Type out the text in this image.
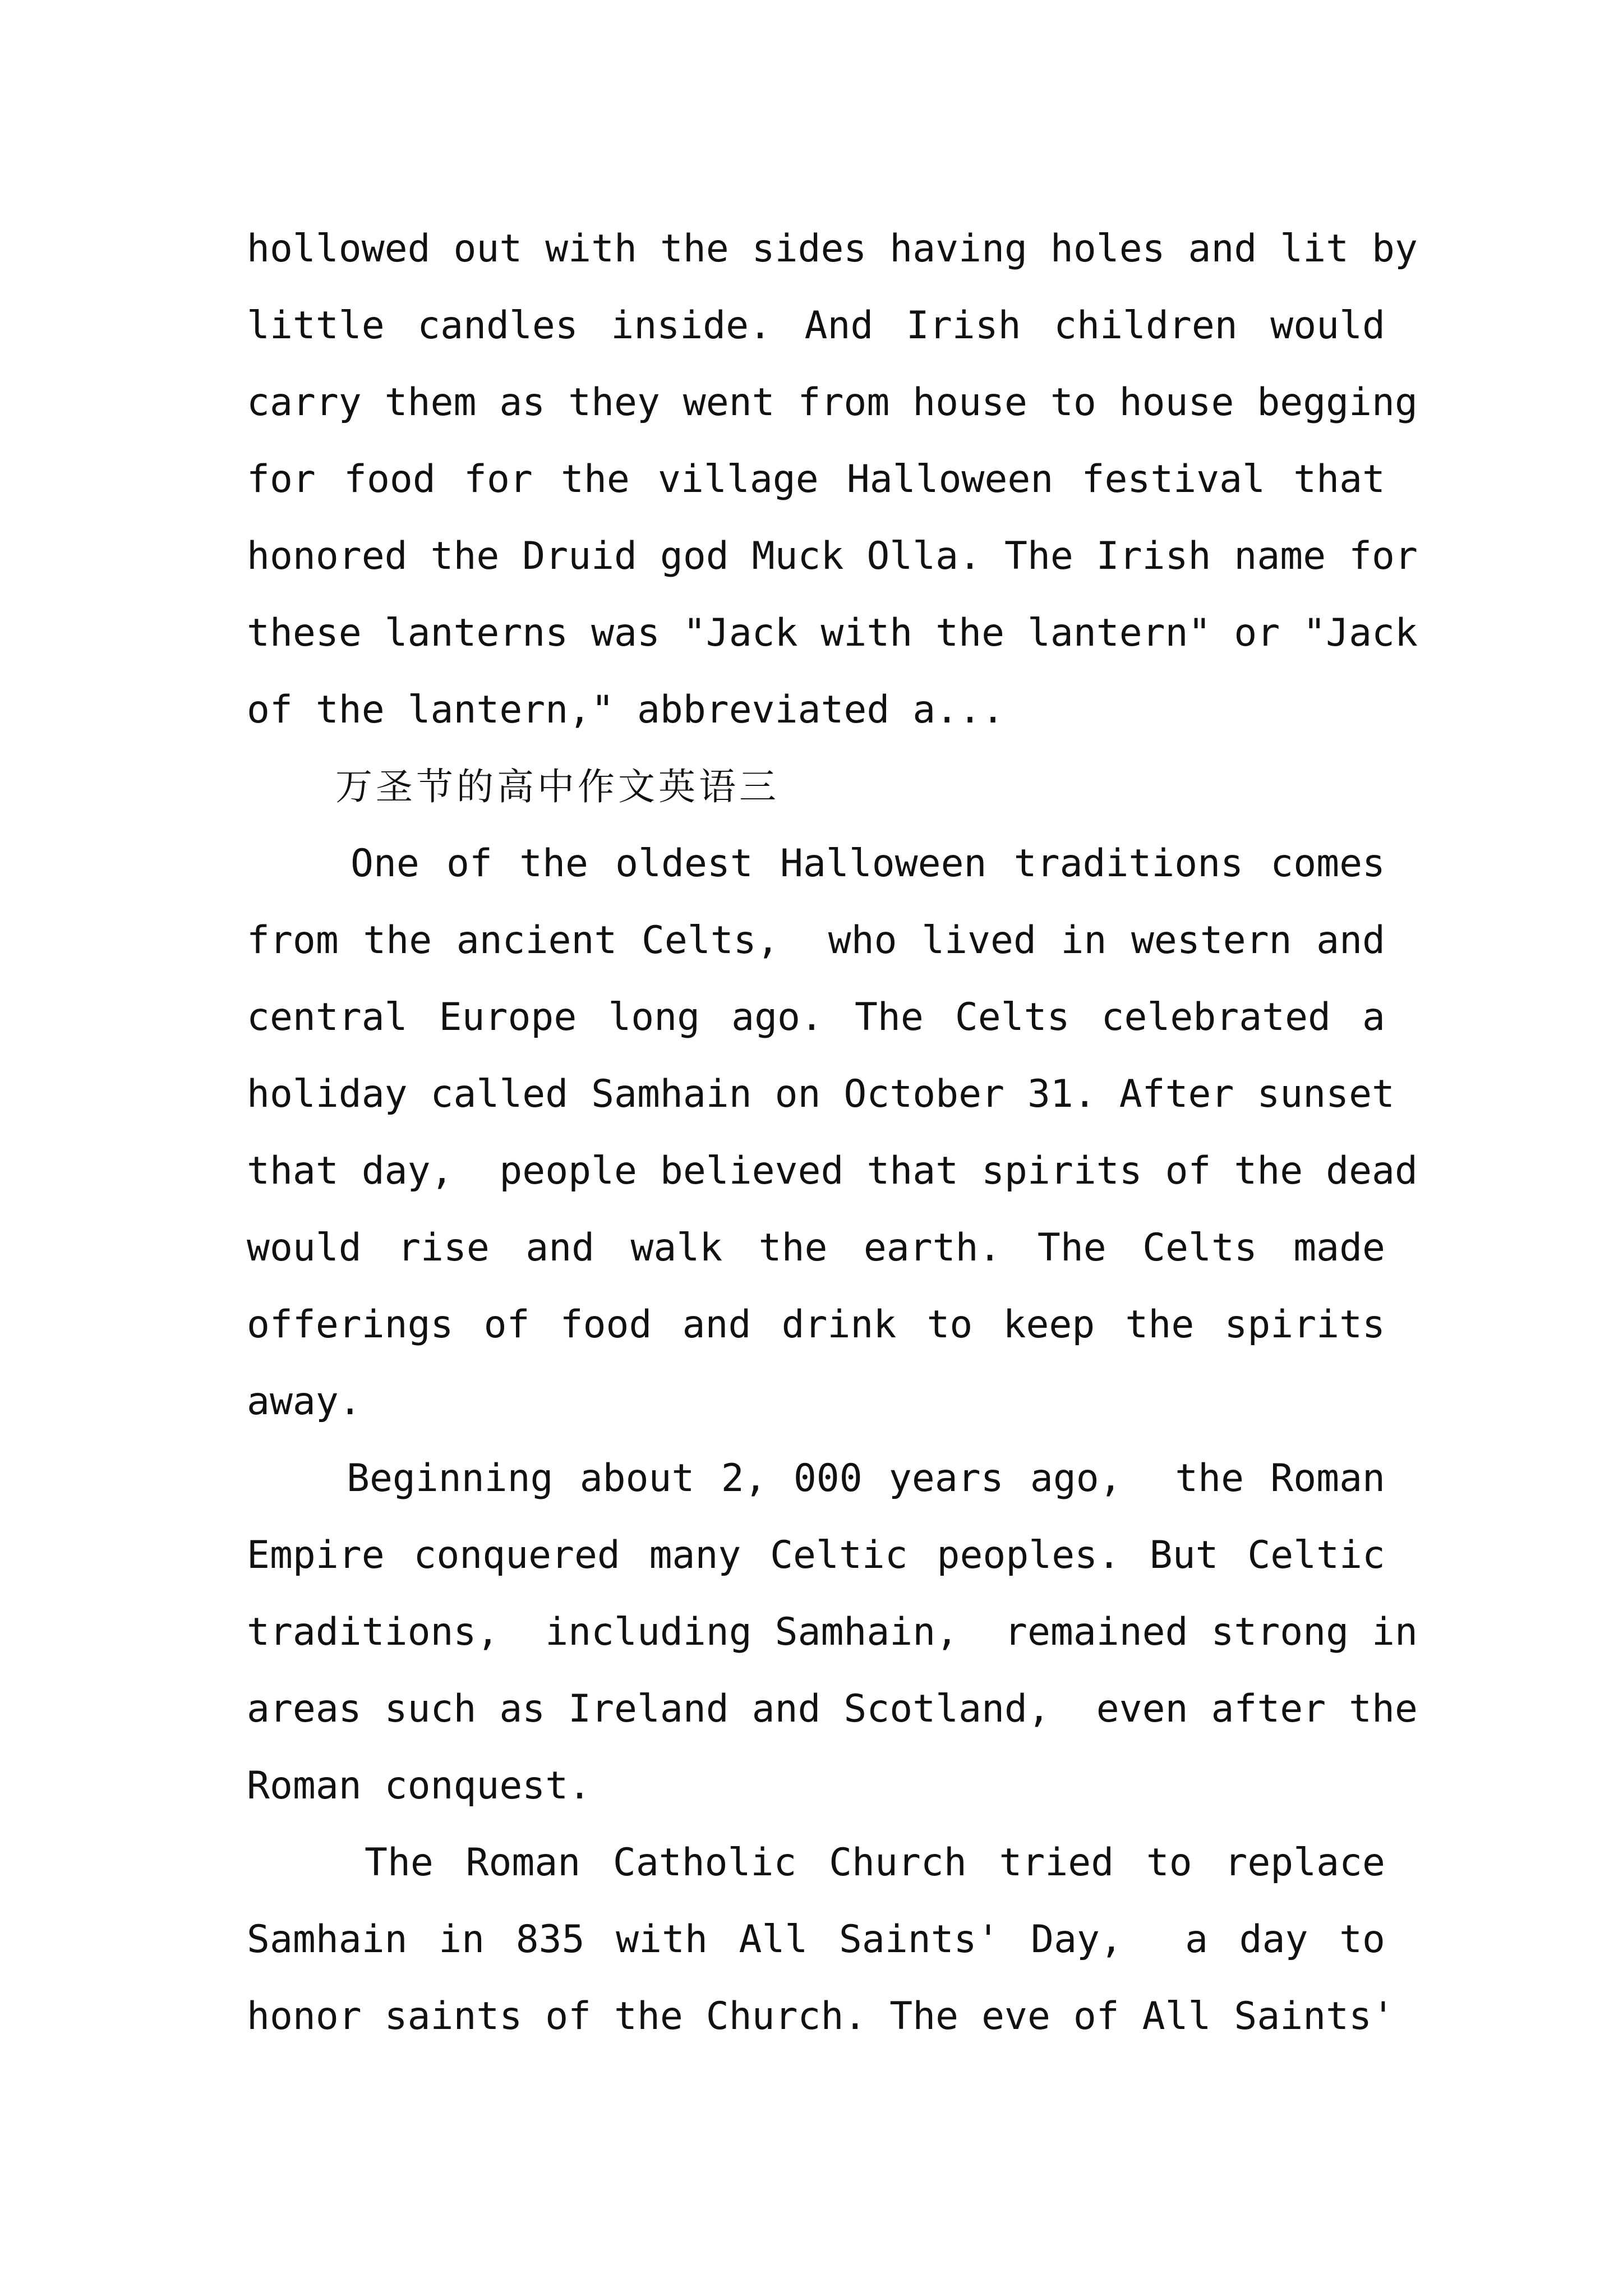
hollowed out with the sides having holes and lit by
little candles inside. And Irish children would
carry them as they went from house to house begging
for food for the village Halloween festival that
honored the Druid god Muck Olla. The Irish name for
these lanterns was "Jack with the lantern" or "Jack
of the lantern," abbreviated a...
万圣节的高中作文英语三
One of the oldest Halloween traditions comes
from the ancient Celts,  who lived in western and
central Europe long ago. The Celts celebrated a
holiday called Samhain on October 31. After sunset
that day,  people believed that spirits of the dead
would rise and walk the earth. The Celts made
offerings of food and drink to keep the spirits
away.
Beginning about 2, 000 years ago,  the Roman
Empire conquered many Celtic peoples. But Celtic
traditions,  including Samhain,  remained strong in
areas such as Ireland and Scotland,  even after the
Roman conquest.
The Roman Catholic Church tried to replace
Samhain in 835 with All Saints' Day,  a day to
honor saints of the Church. The eve of All Saints'
